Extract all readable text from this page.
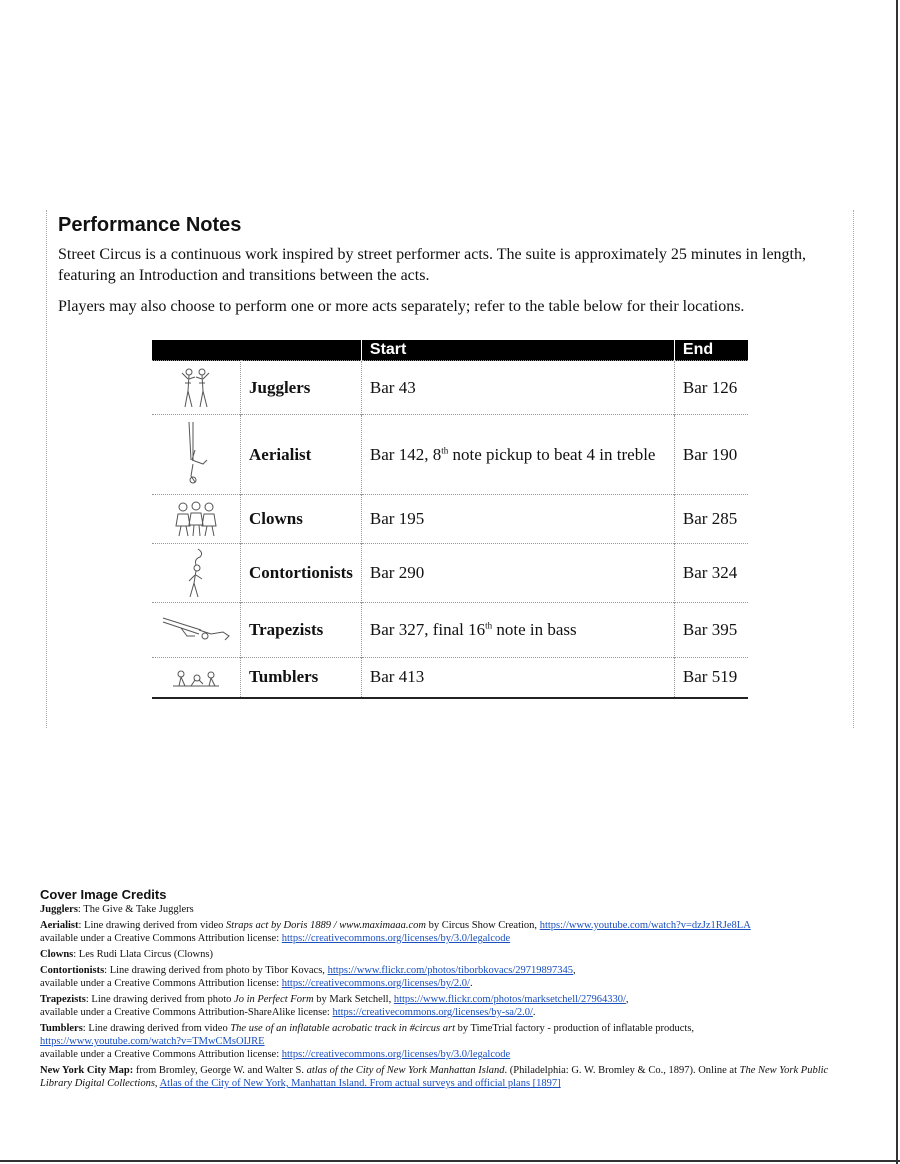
Performance Notes
Street Circus is a continuous work inspired by street performer acts. The suite is approximately 25 minutes in length, featuring an Introduction and transitions between the acts.
Players may also choose to perform one or more acts separately; refer to the table below for their locations.
		Start	End

	Jugglers	Bar 43	Bar 126

	Aerialist	Bar 142, 8th note pickup to beat 4 in treble	Bar 190

	Clowns	Bar 195	Bar 285

	Contortionists	Bar 290	Bar 324

	Trapezists	Bar 327, final 16th note in bass	Bar 395

	Tumblers	Bar 413	Bar 519
Cover Image Credits
Jugglers: The Give & Take Jugglers
Aerialist: Line drawing derived from video Straps act by Doris 1889 / www.maximaaa.com by Circus Show Creation, https://www.youtube.com/watch?v=dzJz1RJe8LA
available under a Creative Commons Attribution license: https://creativecommons.org/licenses/by/3.0/legalcode
Clowns: Les Rudi Llata Circus (Clowns)
Contortionists: Line drawing derived from photo by Tibor Kovacs, https://www.flickr.com/photos/tiborbkovacs/29719897345,
available under a Creative Commons Attribution license: https://creativecommons.org/licenses/by/2.0/.
Trapezists: Line drawing derived from photo Jo in Perfect Form by Mark Setchell, https://www.flickr.com/photos/marksetchell/27964330/,
available under a Creative Commons Attribution-ShareAlike license: https://creativecommons.org/licenses/by-sa/2.0/.
Tumblers: Line drawing derived from video The use of an inflatable acrobatic track in #circus art by TimeTrial factory - production of inflatable products,
https://www.youtube.com/watch?v=TMwCMsOIJRE
available under a Creative Commons Attribution license: https://creativecommons.org/licenses/by/3.0/legalcode
New York City Map: from Bromley, George W. and Walter S. atlas of the City of New York Manhattan Island. (Philadelphia: G. W. Bromley & Co., 1897). Online at The New York Public Library Digital Collections, Atlas of the City of New York, Manhattan Island. From actual surveys and official plans [1897]
